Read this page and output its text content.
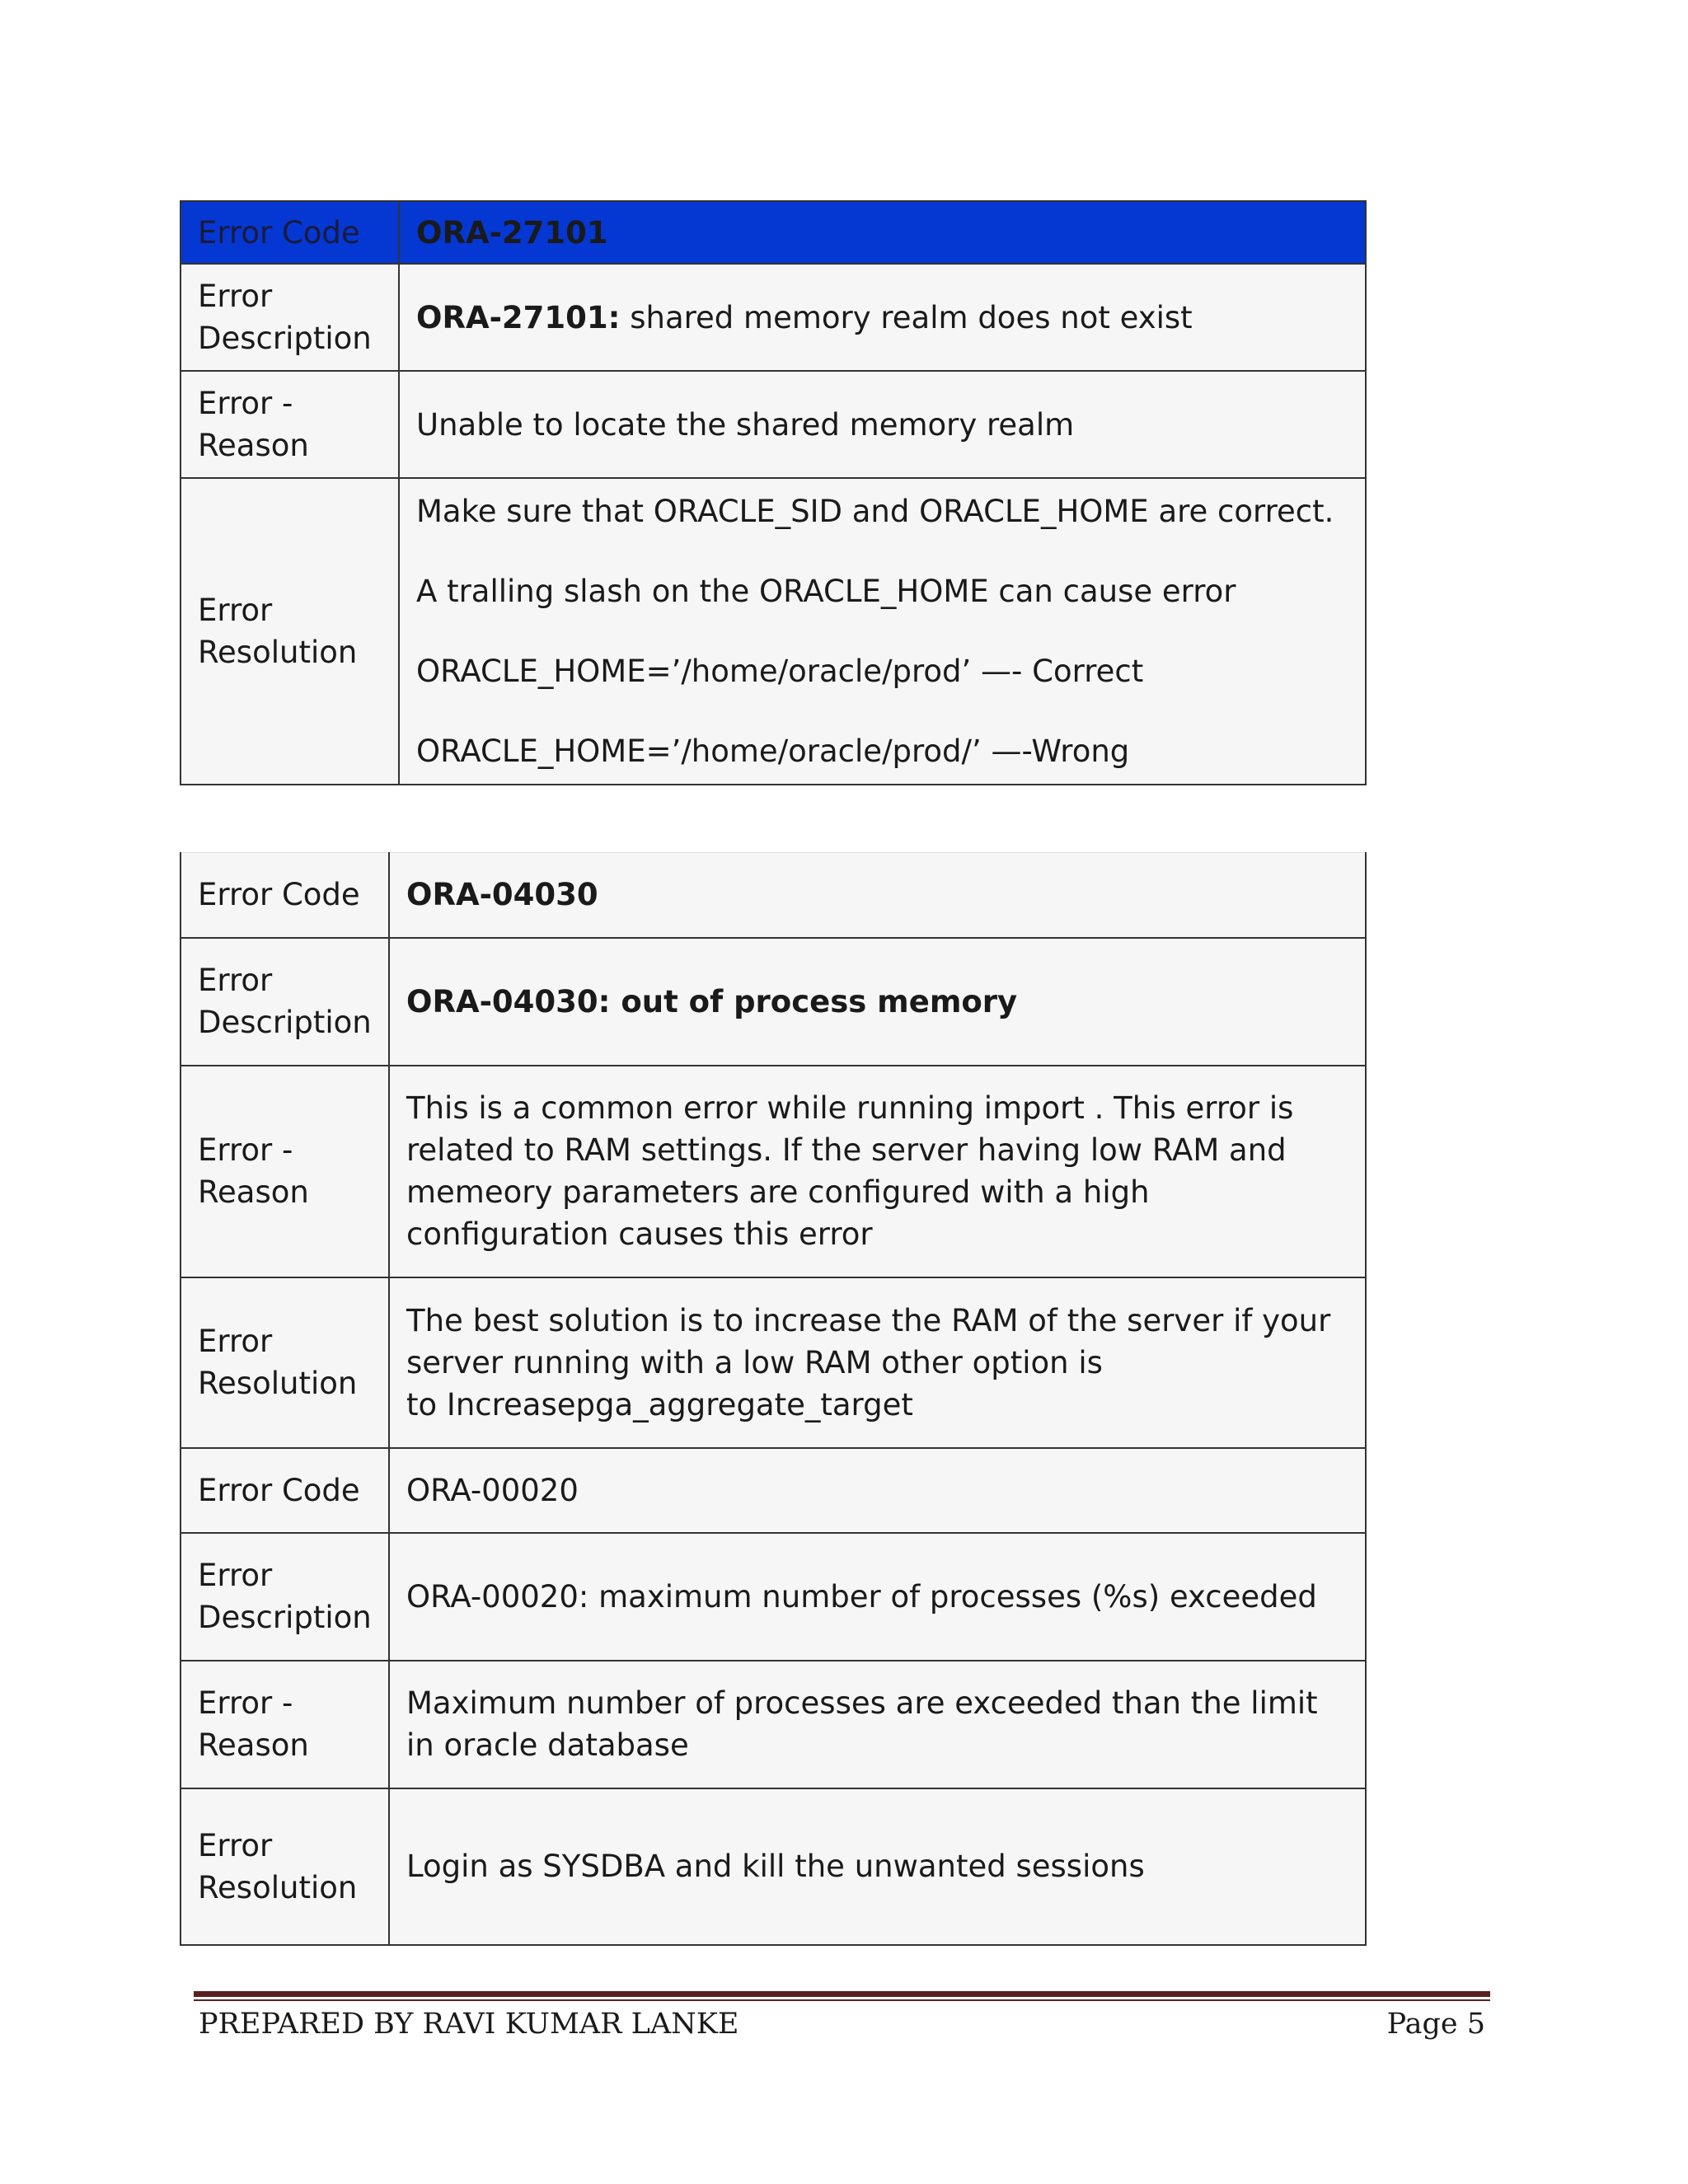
Error Code	ORA-27101
Error Description	ORA-27101: shared memory realm does not exist
Error - Reason	Unable to locate the shared memory realm
Error Resolution	Make sure that ORACLE_SID and ORACLE_HOME are correct.
A tralling slash on the ORACLE_HOME can cause error
ORACLE_HOME=’/home/oracle/prod’ —- Correct
ORACLE_HOME=’/home/oracle/prod/’ —-Wrong
Error Code	ORA-04030
Error Description	ORA-04030: out of process memory
Error - Reason	This is a common error while running import . This error is related to RAM settings. If the server having low RAM and memeory parameters are configured with a high configuration causes this error
Error Resolution	The best solution is to increase the RAM of the server if your server running with a low RAM other option is
to Increasepga_aggregate_target
Error Code	ORA-00020
Error Description	ORA-00020: maximum number of processes (%s) exceeded
Error - Reason	Maximum number of processes are exceeded than the limit in oracle database
Error Resolution	Login as SYSDBA and kill the unwanted sessions
PREPARED BY RAVI KUMAR LANKE	Page 5
